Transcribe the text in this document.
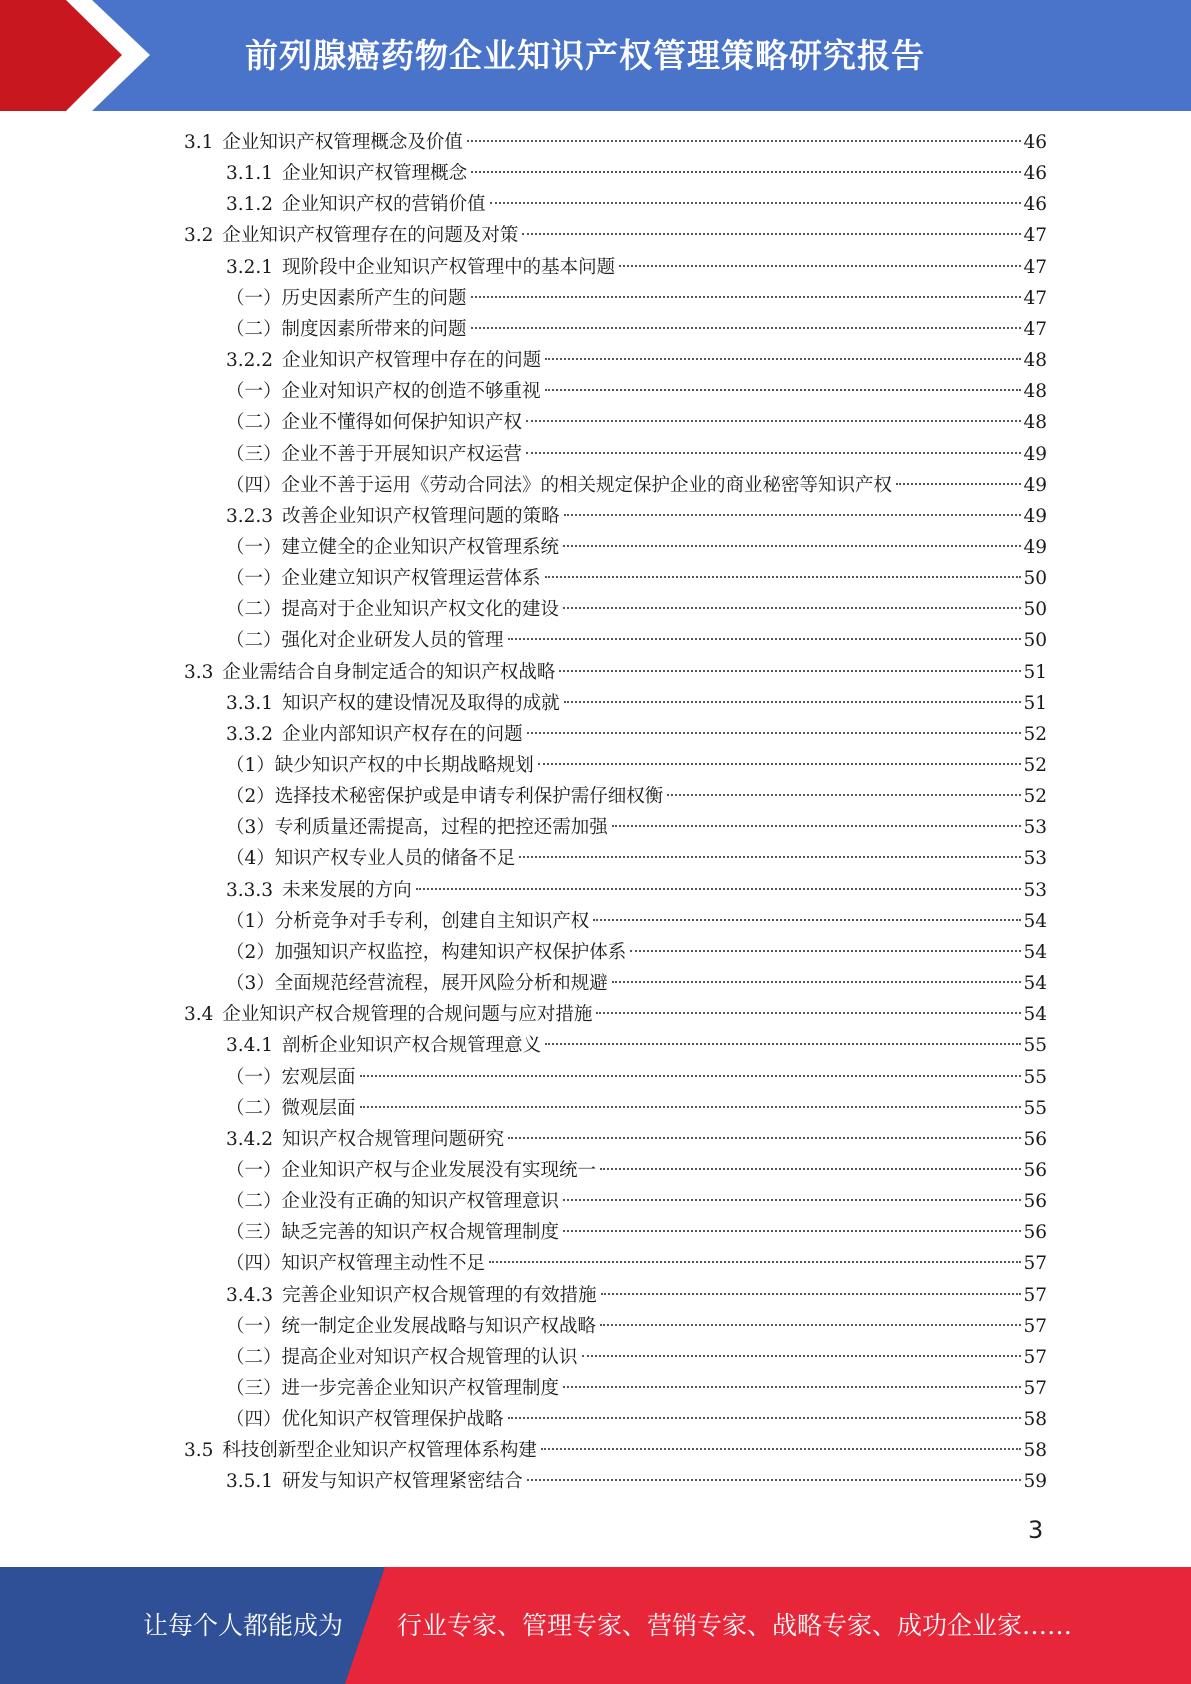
前列腺癌药物企业知识产权管理策略研究报告
3.1 企业知识产权管理概念及价值	46
3.1.1 企业知识产权管理概念	46
3.1.2 企业知识产权的营销价值	46
3.2 企业知识产权管理存在的问题及对策	47
3.2.1 现阶段中企业知识产权管理中的基本问题	47
（一）历史因素所产生的问题	47
（二）制度因素所带来的问题	47
3.2.2 企业知识产权管理中存在的问题	48
（一）企业对知识产权的创造不够重视	48
（二）企业不懂得如何保护知识产权	48
（三）企业不善于开展知识产权运营	49
（四）企业不善于运用《劳动合同法》的相关规定保护企业的商业秘密等知识产权	49
3.2.3 改善企业知识产权管理问题的策略	49
（一）建立健全的企业知识产权管理系统	49
（一）企业建立知识产权管理运营体系	50
（二）提高对于企业知识产权文化的建设	50
（二）强化对企业研发人员的管理	50
3.3 企业需结合自身制定适合的知识产权战略	51
3.3.1 知识产权的建设情况及取得的成就	51
3.3.2 企业内部知识产权存在的问题	52
（1）缺少知识产权的中长期战略规划	52
（2）选择技术秘密保护或是申请专利保护需仔细权衡	52
（3）专利质量还需提高，过程的把控还需加强	53
（4）知识产权专业人员的储备不足	53
3.3.3 未来发展的方向	53
（1）分析竞争对手专利，创建自主知识产权	54
（2）加强知识产权监控，构建知识产权保护体系	54
（3）全面规范经营流程，展开风险分析和规避	54
3.4 企业知识产权合规管理的合规问题与应对措施	54
3.4.1 剖析企业知识产权合规管理意义	55
（一）宏观层面	55
（二）微观层面	55
3.4.2 知识产权合规管理问题研究	56
（一）企业知识产权与企业发展没有实现统一	56
（二）企业没有正确的知识产权管理意识	56
（三）缺乏完善的知识产权合规管理制度	56
（四）知识产权管理主动性不足	57
3.4.3 完善企业知识产权合规管理的有效措施	57
（一）统一制定企业发展战略与知识产权战略	57
（二）提高企业对知识产权合规管理的认识	57
（三）进一步完善企业知识产权管理制度	57
（四）优化知识产权管理保护战略	58
3.5 科技创新型企业知识产权管理体系构建	58
3.5.1 研发与知识产权管理紧密结合	59
3
让每个人都能成为 行业专家、管理专家、营销专家、战略专家、成功企业家……
